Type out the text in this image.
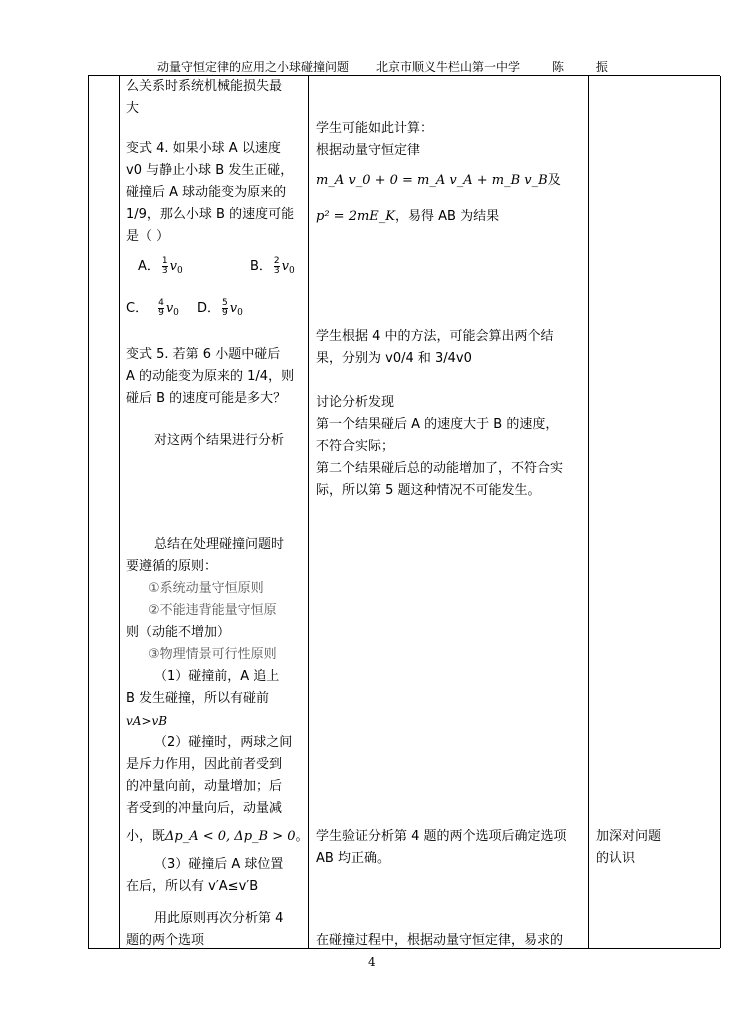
动量守恒定律的应用之小球碰撞问题 北京市顺义牛栏山第一中学	陈 振

么关系时系统机械能损失最

大

变式 4. 如果小球 A 以速度

v0 与静止小球 B 发生正碰，

碰撞后 A 球动能变为原来的

1/9，那么小球 B 的速度可能

是（ ）

A． $\frac{1}{3} v_0$	B． $\frac{2}{3} v_0$
C． $\frac{4}{9} v_0$ D． $\frac{5}{9} v_0$

变式 5. 若第 6 小题中碰后

A 的动能变为原来的 1/4，则

碰后 B 的速度可能是多大？

对这两个结果进行分析

总结在处理碰撞问题时

要遵循的原则：

①系统动量守恒原则

②不能违背能量守恒原

则（动能不增加）

③物理情景可行性原则

（1）碰撞前，A 追上

B 发生碰撞，所以有碰前

vA>vB

（2）碰撞时，两球之间

是斥力作用，因此前者受到

的冲量向前，动量增加；后

者受到的冲量向后，动量减

小，既Δp_A < 0, Δp_B > 0。

（3）碰撞后 A 球位置

在后，所以有 v′A≤v′B

用此原则再次分析第 4

题的两个选项

学生可能如此计算：

根据动量守恒定律

m_A v_0 + 0 = m_A v_A + m_B v_B及

p² = 2mE_K，易得 AB 为结果

学生根据 4 中的方法，可能会算出两个结

果，分别为 v0/4 和 3/4v0

讨论分析发现

第一个结果碰后 A 的速度大于 B 的速度，

不符合实际；

第二个结果碰后总的动能增加了，不符合实

际，所以第 5 题这种情况不可能发生。

学生验证分析第 4 题的两个选项后确定选项

AB 均正确。

在碰撞过程中，根据动量守恒定律，易求的

加深对问题

的认识

4
